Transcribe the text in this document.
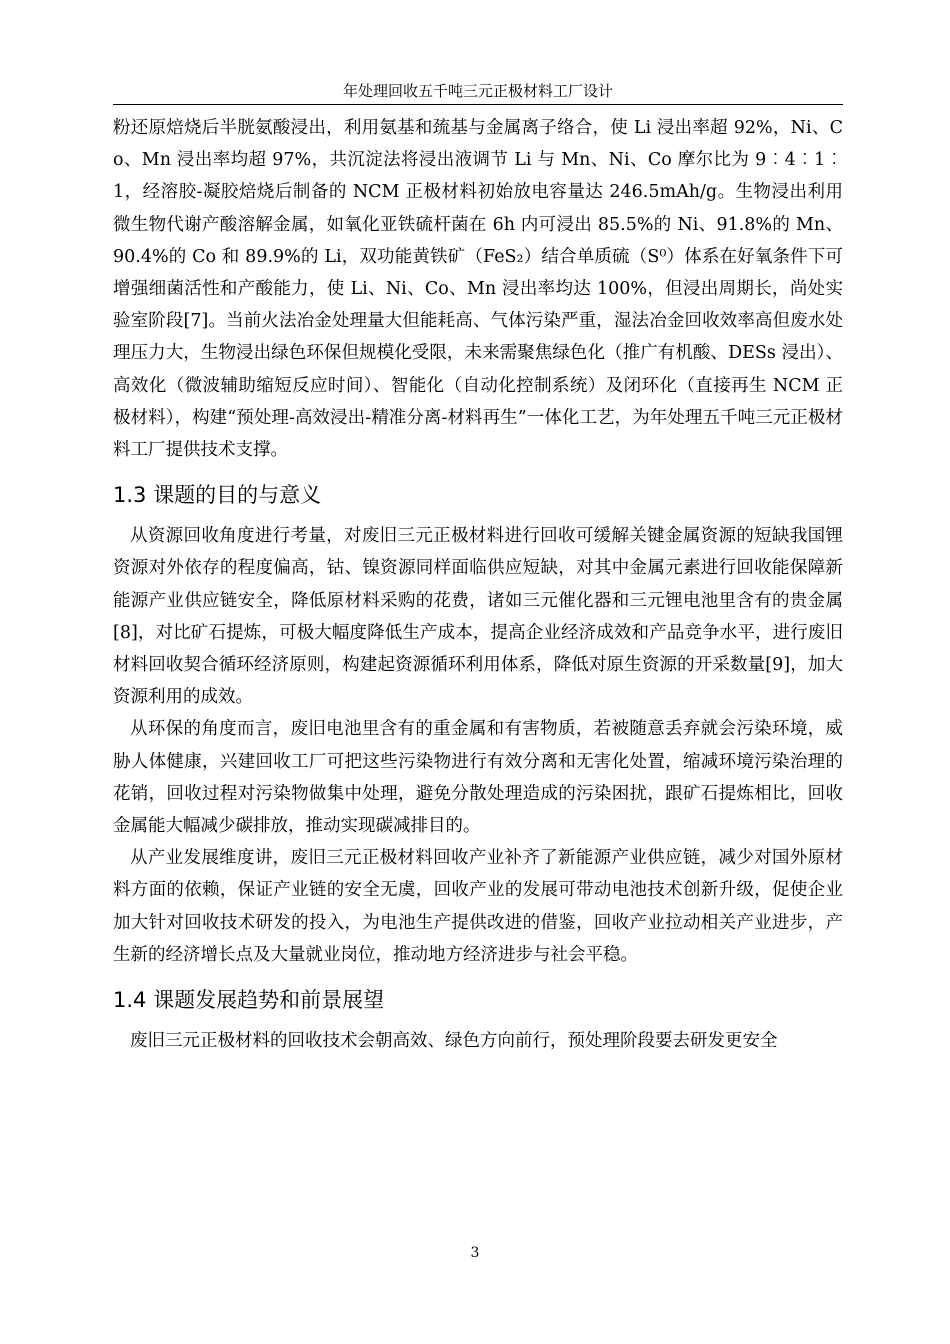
年处理回收五千吨三元正极材料工厂设计

粉还原焙烧后半胱氨酸浸出，利用氨基和巯基与金属离子络合，使 Li 浸出率超 92%，Ni、Co、Mn 浸出率均超 97%，共沉淀法将浸出液调节 Li 与 Mn、Ni、Co 摩尔比为 9︰4︰1︰1，经溶胶-凝胶焙烧后制备的 NCM 正极材料初始放电容量达 246.5mAh/g。生物浸出利用微生物代谢产酸溶解金属，如氧化亚铁硫杆菌在 6h 内可浸出 85.5%的 Ni、91.8%的 Mn、90.4%的 Co 和 89.9%的 Li，双功能黄铁矿（FeS₂）结合单质硫（S⁰）体系在好氧条件下可增强细菌活性和产酸能力，使 Li、Ni、Co、Mn 浸出率均达 100%，但浸出周期长，尚处实验室阶段[7]。当前火法冶金处理量大但能耗高、气体污染严重，湿法冶金回收效率高但废水处理压力大，生物浸出绿色环保但规模化受限，未来需聚焦绿色化（推广有机酸、DESs 浸出）、高效化（微波辅助缩短反应时间）、智能化（自动化控制系统）及闭环化（直接再生 NCM 正极材料），构建“预处理-高效浸出-精准分离-材料再生”一体化工艺，为年处理五千吨三元正极材料工厂提供技术支撑。

1.3 课题的目的与意义

从资源回收角度进行考量，对废旧三元正极材料进行回收可缓解关键金属资源的短缺我国锂资源对外依存的程度偏高，钴、镍资源同样面临供应短缺，对其中金属元素进行回收能保障新能源产业供应链安全，降低原材料采购的花费，诸如三元催化器和三元锂电池里含有的贵金属[8]，对比矿石提炼，可极大幅度降低生产成本，提高企业经济成效和产品竞争水平，进行废旧材料回收契合循环经济原则，构建起资源循环利用体系，降低对原生资源的开采数量[9]，加大资源利用的成效。

从环保的角度而言，废旧电池里含有的重金属和有害物质，若被随意丢弃就会污染环境，威胁人体健康，兴建回收工厂可把这些污染物进行有效分离和无害化处置，缩减环境污染治理的花销，回收过程对污染物做集中处理，避免分散处理造成的污染困扰，跟矿石提炼相比，回收金属能大幅减少碳排放，推动实现碳减排目的。

从产业发展维度讲，废旧三元正极材料回收产业补齐了新能源产业供应链，减少对国外原材料方面的依赖，保证产业链的安全无虞，回收产业的发展可带动电池技术创新升级，促使企业加大针对回收技术研发的投入，为电池生产提供改进的借鉴，回收产业拉动相关产业进步，产生新的经济增长点及大量就业岗位，推动地方经济进步与社会平稳。

1.4 课题发展趋势和前景展望

废旧三元正极材料的回收技术会朝高效、绿色方向前行，预处理阶段要去研发更安全

3
